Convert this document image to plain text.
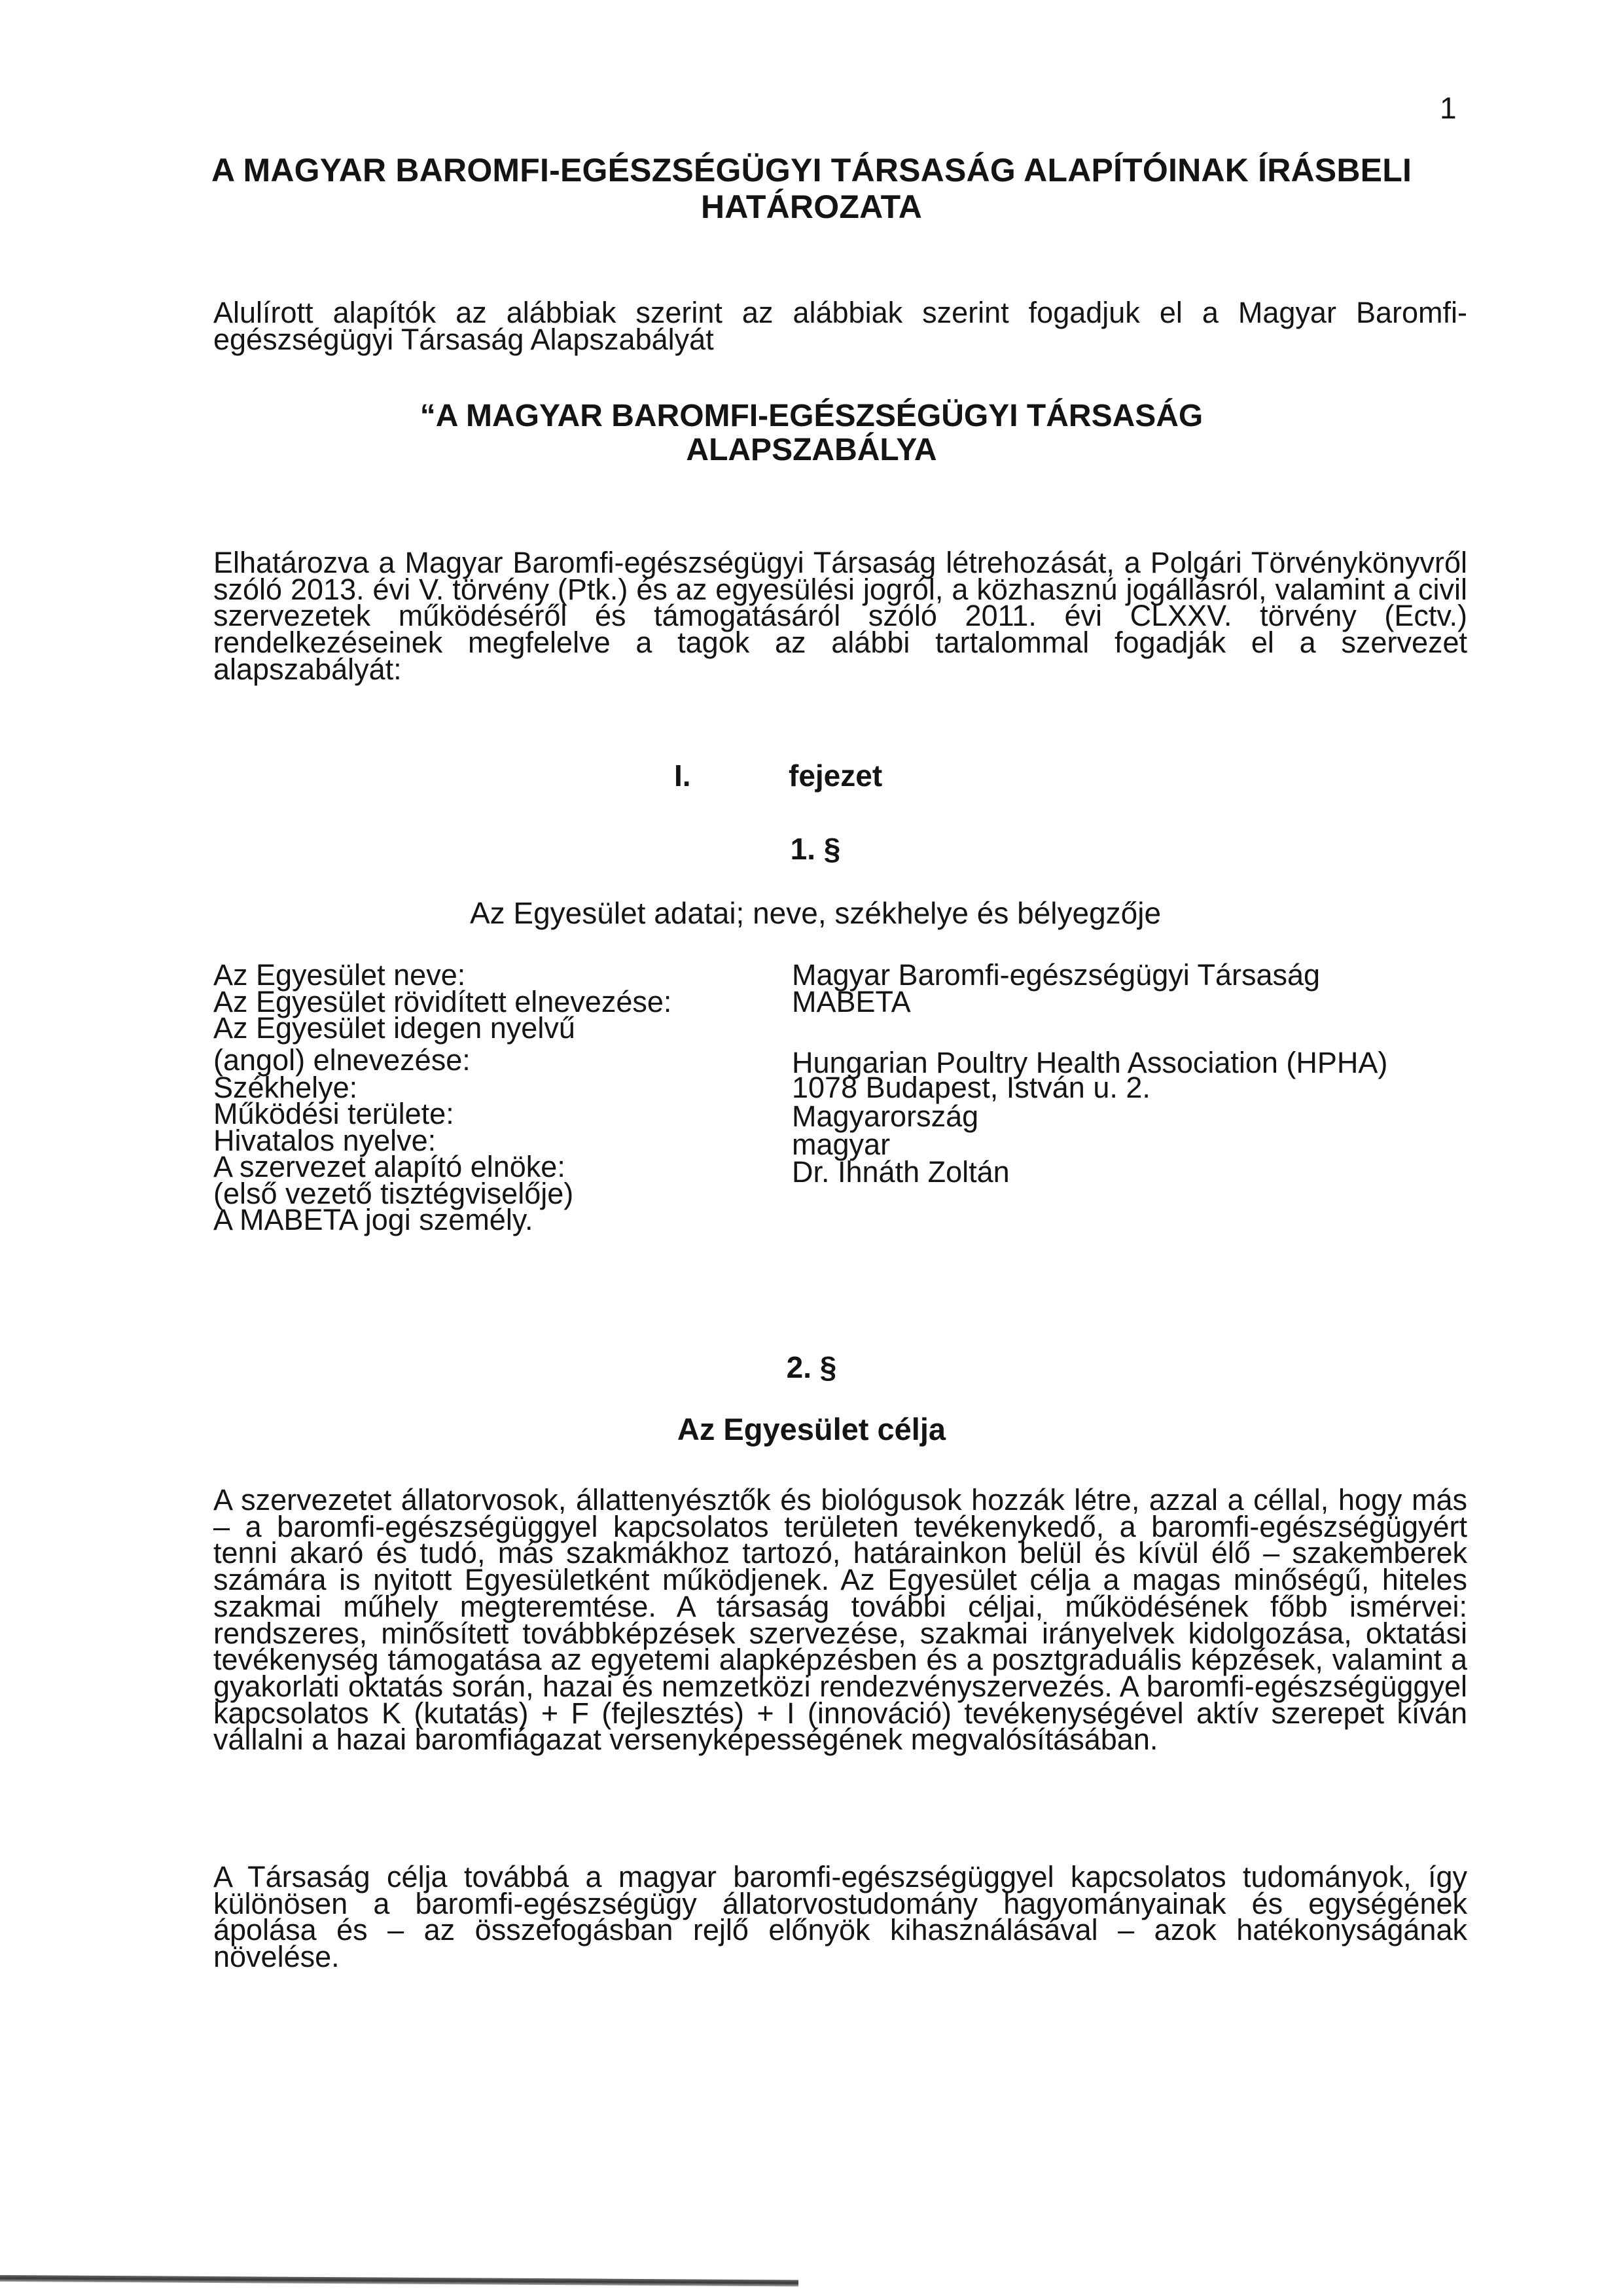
1
A MAGYAR BAROMFI-EGÉSZSÉGÜGYI TÁRSASÁG ALAPÍTÓINAK ÍRÁSBELI
HATÁROZATA

Alulírott alapítók az alábbiak szerint az alábbiak szerint fogadjuk el a Magyar Baromfi-egészségügyi Társaság Alapszabályát

“A MAGYAR BAROMFI-EGÉSZSÉGÜGYI TÁRSASÁG
ALAPSZABÁLYA

Elhatározva a Magyar Baromfi-egészségügyi Társaság létrehozását, a Polgári Törvénykönyvről szóló 2013. évi V. törvény (Ptk.) és az egyesülési jogról, a közhasznú jogállásról, valamint a civil szervezetek működéséről és támogatásáról szóló 2011. évi CLXXV. törvény (Ectv.) rendelkezéseinek megfelelve a tagok az alábbi tartalommal fogadják el a szervezet alapszabályát:

I.	fejezet
1. §
Az Egyesület adatai; neve, székhelye és bélyegzője
Az Egyesület neve:	Magyar Baromfi-egészségügyi Társaság
Az Egyesület rövidített elnevezése:	MABETA
Az Egyesület idegen nyelvű
(angol) elnevezése:	Hungarian Poultry Health Association (HPHA)
Székhelye:	1078 Budapest, István u. 2.
Működési területe:	Magyarország
Hivatalos nyelve:	magyar
A szervezet alapító elnöke:	Dr. Ihnáth Zoltán
(első vezető tisztégviselője)
A MABETA jogi személy.
2. §
Az Egyesület célja

A szervezetet állatorvosok, állattenyésztők és biológusok hozzák létre, azzal a céllal, hogy más – a baromfi-egészségüggyel kapcsolatos területen tevékenykedő, a baromfi-egészségügyért tenni akaró és tudó, más szakmákhoz tartozó, határainkon belül és kívül élő – szakemberek számára is nyitott Egyesületként működjenek. Az Egyesület célja a magas minőségű, hiteles szakmai műhely megteremtése. A társaság további céljai, működésének főbb ismérvei: rendszeres, minősített továbbképzések szervezése, szakmai irányelvek kidolgozása, oktatási tevékenység támogatása az egyetemi alapképzésben és a posztgraduális képzések, valamint a gyakorlati oktatás során, hazai és nemzetközi rendezvényszervezés. A baromfi-egészségüggyel kapcsolatos K (kutatás) + F (fejlesztés) + I (innováció) tevékenységével aktív szerepet kíván vállalni a hazai baromfiágazat versenyképességének megvalósításában.

A Társaság célja továbbá a magyar baromfi-egészségüggyel kapcsolatos tudományok, így különösen a baromfi-egészségügy állatorvostudomány hagyományainak és egységének ápolása és – az összefogásban rejlő előnyök kihasználásával – azok hatékonyságának növelése.
